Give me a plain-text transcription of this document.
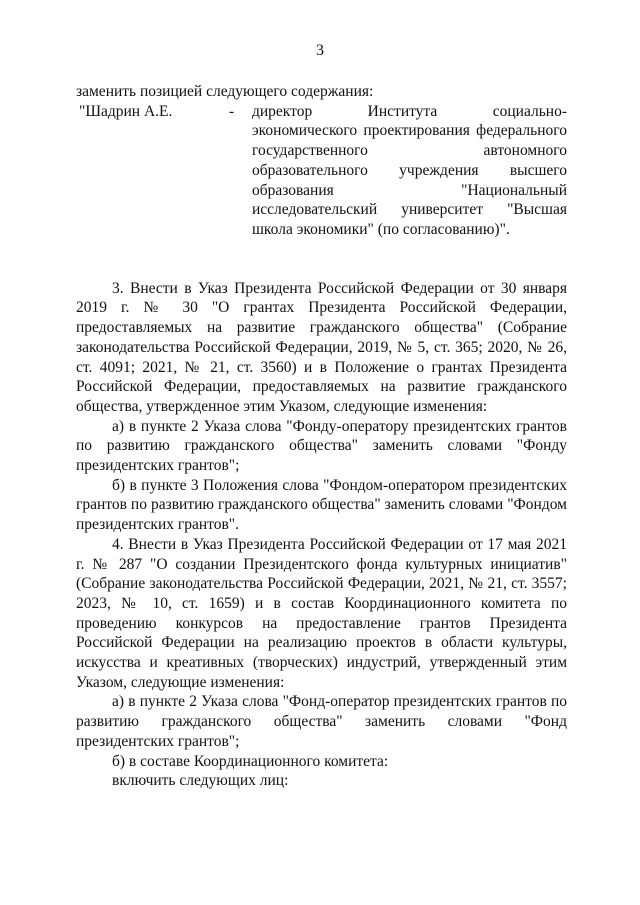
3

заменить позицией следующего содержания:

"Шадрин А.Е.	- директор Института социально-экономического проектирования федерального государственного автономного образовательного учреждения высшего образования "Национальный исследовательский университет "Высшая школа экономики" (по согласованию)".

3. Внести в Указ Президента Российской Федерации от 30 января 2019 г. № 30 "О грантах Президента Российской Федерации, предоставляемых на развитие гражданского общества" (Собрание законодательства Российской Федерации, 2019, № 5, ст. 365; 2020, № 26, ст. 4091; 2021, № 21, ст. 3560) и в Положение о грантах Президента Российской Федерации, предоставляемых на развитие гражданского общества, утвержденное этим Указом, следующие изменения:

а) в пункте 2 Указа слова "Фонду-оператору президентских грантов по развитию гражданского общества" заменить словами "Фонду президентских грантов";

б) в пункте 3 Положения слова "Фондом-оператором президентских грантов по развитию гражданского общества" заменить словами "Фондом президентских грантов".

4. Внести в Указ Президента Российской Федерации от 17 мая 2021 г. № 287 "О создании Президентского фонда культурных инициатив" (Собрание законодательства Российской Федерации, 2021, № 21, ст. 3557; 2023, № 10, ст. 1659) и в состав Координационного комитета по проведению конкурсов на предоставление грантов Президента Российской Федерации на реализацию проектов в области культуры, искусства и креативных (творческих) индустрий, утвержденный этим Указом, следующие изменения:

а) в пункте 2 Указа слова "Фонд-оператор президентских грантов по развитию гражданского общества" заменить словами "Фонд президентских грантов";

б) в составе Координационного комитета:

включить следующих лиц:
